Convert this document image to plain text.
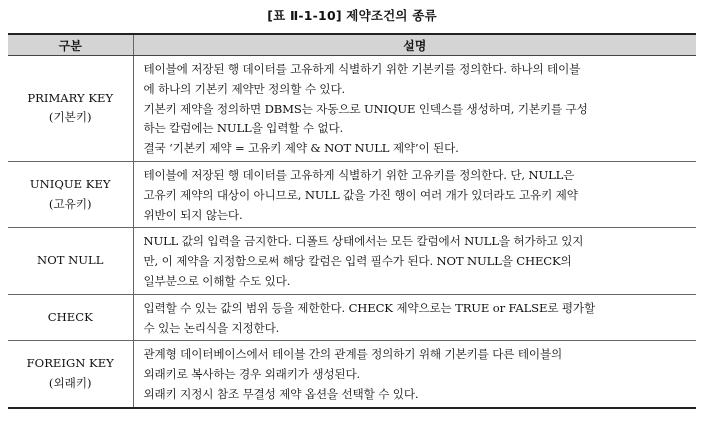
[표 Ⅱ-1-10] 제약조건의 종류
구분	설명

PRIMARY KEY
(기본키)	테이블에 저장된 행 데이터를 고유하게 식별하기 위한 기본키를 정의한다. 하나의 테이블
에 하나의 기본키 제약만 정의할 수 있다.
기본키 제약을 정의하면 DBMS는 자동으로 UNIQUE 인덱스를 생성하며, 기본키를 구성
하는 칼럼에는 NULL을 입력할 수 없다.
결국 ‘기본키 제약 = 고유키 제약 & NOT NULL 제약’이 된다.

UNIQUE KEY
(고유키)	테이블에 저장된 행 데이터를 고유하게 식별하기 위한 고유키를 정의한다. 단, NULL은
고유키 제약의 대상이 아니므로, NULL 값을 가진 행이 여러 개가 있더라도 고유키 제약
위반이 되지 않는다.

NOT NULL	NULL 값의 입력을 금지한다. 디폴트 상태에서는 모든 칼럼에서 NULL을 허가하고 있지
만, 이 제약을 지정함으로써 해당 칼럼은 입력 필수가 된다. NOT NULL을 CHECK의
일부분으로 이해할 수도 있다.

CHECK	입력할 수 있는 값의 범위 등을 제한한다. CHECK 제약으로는 TRUE or FALSE로 평가할
수 있는 논리식을 지정한다.

FOREIGN KEY
(외래키)	관계형 데이터베이스에서 테이블 간의 관계를 정의하기 위해 기본키를 다른 테이블의
외래키로 복사하는 경우 외래키가 생성된다.
외래키 지정시 참조 무결성 제약 옵션을 선택할 수 있다.
